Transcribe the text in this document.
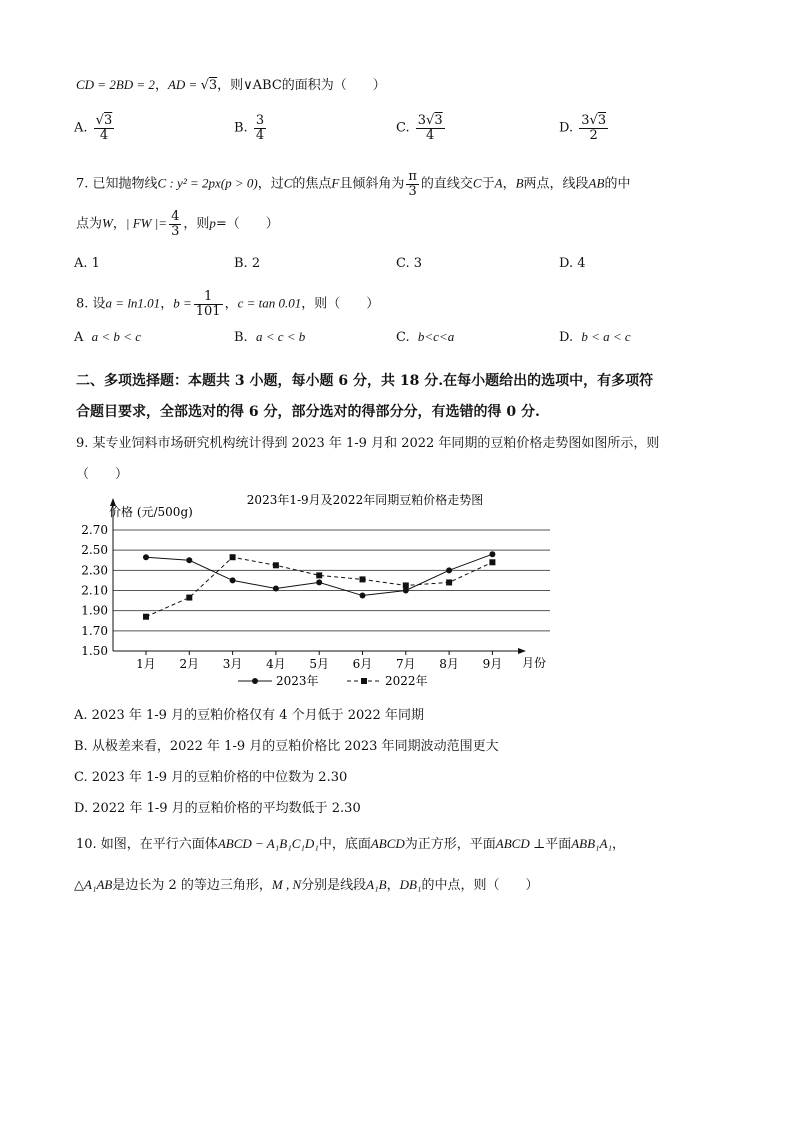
CD = 2BD = 2，AD = √3，则∨ABC的面积为（　　）
A. $\frac{√3}{4}$	B. $\frac{3}{4}$	C. $\frac{3√3}{4}$	D. $\frac{3√3}{2}$
7. 已知抛物线C : y² = 2px(p > 0)，过C的焦点F且倾斜角为 $\frac{\pi}{3}$ 的直线交C于A，B两点，线段AB的中
点为W，| FW |= $\frac{4}{3}$ ，则p=（　　）
A. 1	B. 2	C. 3	D. 4
8. 设a = ln1.01，$b = \frac{1}{101}$ ，c = tan 0.01，则（　　）
A a < b < c	B. a < c < b	C. b<c<a	D. b < a < c
二、多项选择题：本题共 3 小题，每小题 6 分，共 18 分.在每小题给出的选项中，有多项符
合题目要求，全部选对的得 6 分，部分选对的得部分分，有选错的得 0 分.
9. 某专业饲料市场研究机构统计得到 2023 年 1-9 月和 2022 年同期的豆粕价格走势图如图所示，则
（　　）
1.50
1.70
1.90
2.10
2.30
2.50
2.70
1月 2月 3月 4月 5月 6月 7月 8月 9月
2023年1-9月及2022年同期豆粕价格走势图
价格 (元/500g)
月份
2023年	2022年
A. 2023 年 1-9 月的豆粕价格仅有 4 个月低于 2022 年同期
B. 从极差来看，2022 年 1-9 月的豆粕价格比 2023 年同期波动范围更大
C. 2023 年 1-9 月的豆粕价格的中位数为 2.30
D. 2022 年 1-9 月的豆粕价格的平均数低于 2.30
10. 如图，在平行六面体ABCD − A₁B₁C₁D₁中，底面ABCD为正方形，平面ABCD ⊥平面ABB₁A₁，
△A₁AB是边长为 2 的等边三角形，M , N分别是线段A₁B，DB₁的中点，则（　　）
